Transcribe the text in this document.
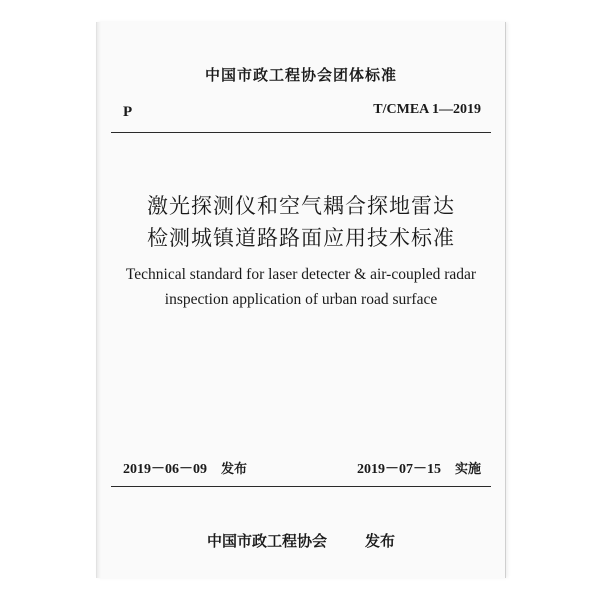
中国市政工程协会团体标准
P	T/CMEA 1—2019
激光探测仪和空气耦合探地雷达
检测城镇道路路面应用技术标准
Technical standard for laser detecter & air-coupled radar
inspection application of urban road surface
2019－06－09 发布	2019－07－15 实施
中国市政工程协会	发布
